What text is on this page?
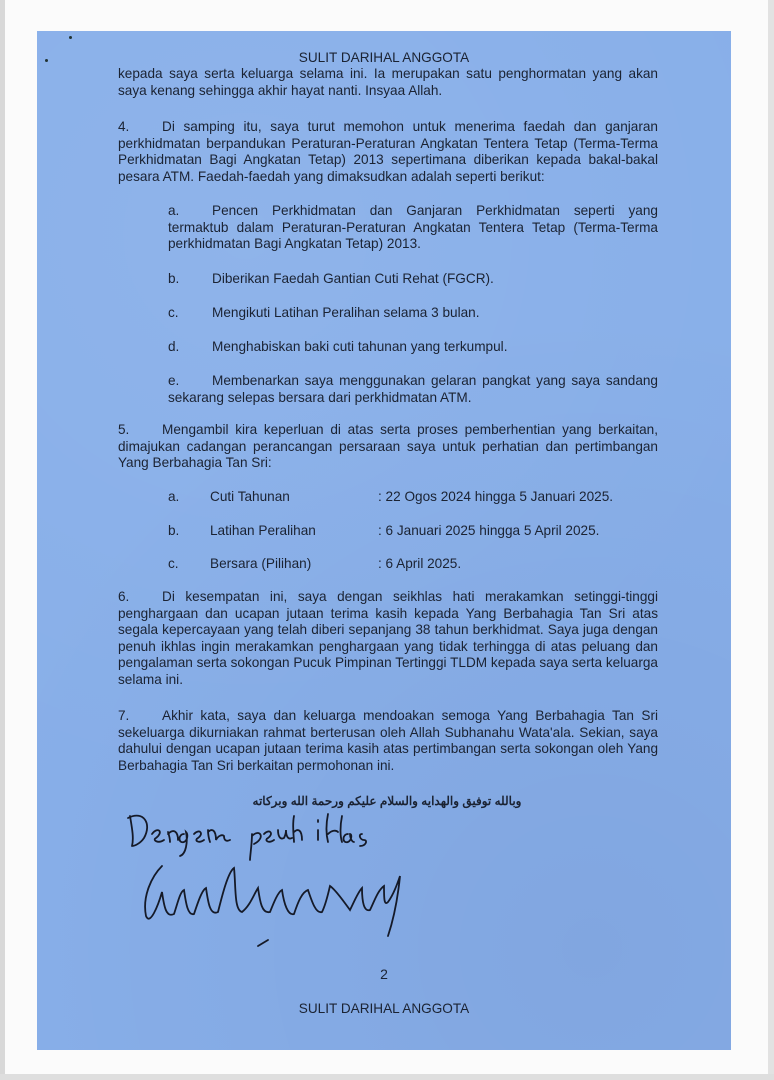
SULIT DARIHAL ANGGOTA
kepada saya serta keluarga selama ini. Ia merupakan satu penghormatan yang akan saya kenang sehingga akhir hayat nanti. Insyaa Allah.
4. Di samping itu, saya turut memohon untuk menerima faedah dan ganjaran perkhidmatan berpandukan Peraturan-Peraturan Angkatan Tentera Tetap (Terma-Terma Perkhidmatan Bagi Angkatan Tetap) 2013 sepertimana diberikan kepada bakal-bakal pesara ATM. Faedah-faedah yang dimaksudkan adalah seperti berikut:
a. Pencen Perkhidmatan dan Ganjaran Perkhidmatan seperti yang termaktub dalam Peraturan-Peraturan Angkatan Tentera Tetap (Terma-Terma perkhidmatan Bagi Angkatan Tetap) 2013.
b. Diberikan Faedah Gantian Cuti Rehat (FGCR).
c. Mengikuti Latihan Peralihan selama 3 bulan.
d. Menghabiskan baki cuti tahunan yang terkumpul.
e. Membenarkan saya menggunakan gelaran pangkat yang saya sandang sekarang selepas bersara dari perkhidmatan ATM.
5. Mengambil kira keperluan di atas serta proses pemberhentian yang berkaitan, dimajukan cadangan perancangan persaraan saya untuk perhatian dan pertimbangan Yang Berbahagia Tan Sri:
a. Cuti Tahunan	: 22 Ogos 2024 hingga 5 Januari 2025.
b. Latihan Peralihan	: 6 Januari 2025 hingga 5 April 2025.
c. Bersara (Pilihan)	: 6 April 2025.
6. Di kesempatan ini, saya dengan seikhlas hati merakamkan setinggi-tinggi penghargaan dan ucapan jutaan terima kasih kepada Yang Berbahagia Tan Sri atas segala kepercayaan yang telah diberi sepanjang 38 tahun berkhidmat. Saya juga dengan penuh ikhlas ingin merakamkan penghargaan yang tidak terhingga di atas peluang dan pengalaman serta sokongan Pucuk Pimpinan Tertinggi TLDM kepada saya serta keluarga selama ini.
7. Akhir kata, saya dan keluarga mendoakan semoga Yang Berbahagia Tan Sri sekeluarga dikurniakan rahmat berterusan oleh Allah Subhanahu Wata'ala. Sekian, saya dahului dengan ucapan jutaan terima kasih atas pertimbangan serta sokongan oleh Yang Berbahagia Tan Sri berkaitan permohonan ini.
وبالله توفيق والهدايه والسلام عليكم ورحمة الله وبركاته
2
SULIT DARIHAL ANGGOTA
